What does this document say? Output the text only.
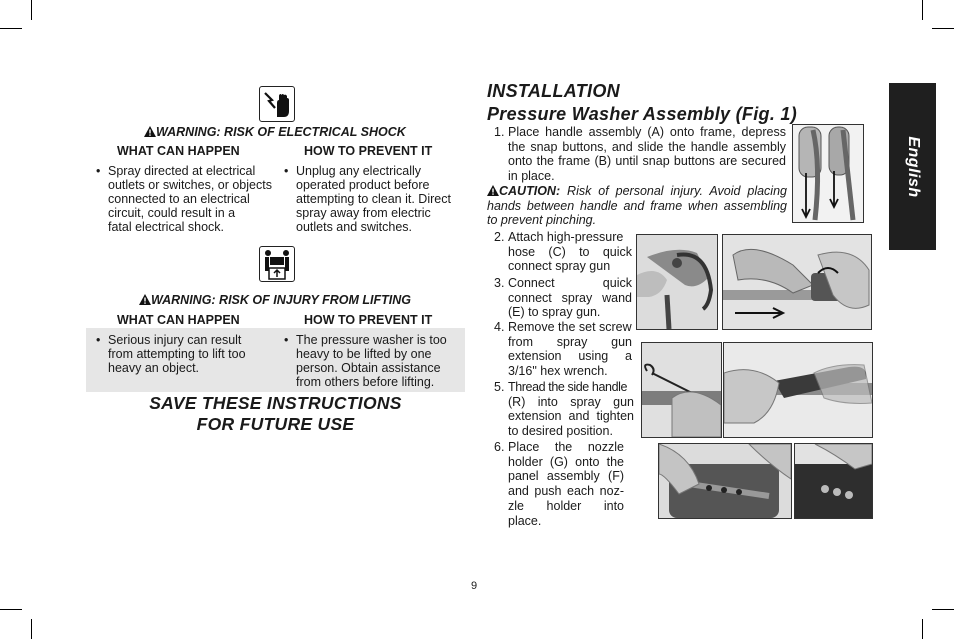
WARNING: RISK OF ELECTRICAL SHOCK
WHAT CAN HAPPEN	HOW TO PREVENT IT
• Spray directed at electrical
outlets or switches, or objects
connected to an electrical
circuit, could result in a
fatal electrical shock.
• Unplug any electrically
operated product before
attempting to clean it. Direct
spray away from electric
outlets and switches.
WARNING: RISK OF INJURY FROM LIFTING
WHAT CAN HAPPEN	HOW TO PREVENT IT
• Serious injury can result
from attempting to lift too
heavy an object.
• The pressure washer is too
heavy to be lifted by one
person. Obtain assistance
from others before lifting.
SAVE THESE INSTRUCTIONS
FOR FUTURE USE
INSTALLATION
Pressure Washer Assembly (Fig. 1)
1. Place handle assembly (A) onto frame, depress
the snap buttons, and slide the handle assembly
onto the frame (B) until snap buttons are secured
in place.
CAUTION: Risk of personal injury. Avoid placing
hands between handle and frame when assembling
to prevent pinching.
2. Attach high-pressure
hose (C) to quick
connect spray gun
3. Connect quick
connect spray wand
(E) to spray gun.
4. Remove the set screw
from spray gun
extension using a
3/16" hex wrench.
5. Thread the side handle
(R) into spray gun
extension and tighten
to desired position.
6. Place the nozzle
holder (G) onto the
panel assembly (F)
and push each noz-
zle holder into
place.
English
9
